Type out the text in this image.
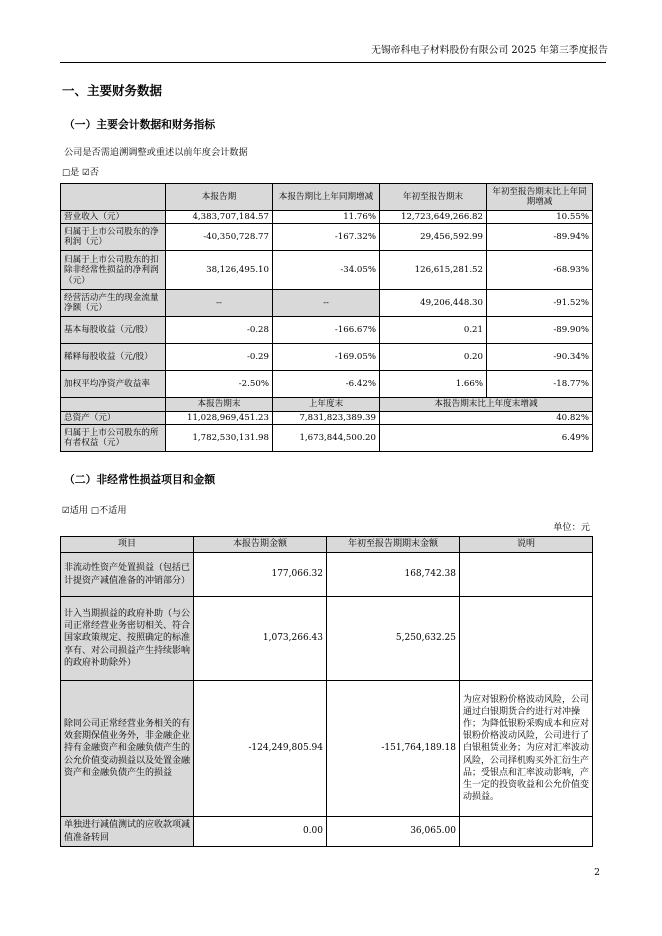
无锡帝科电子材料股份有限公司 2025 年第三季度报告
一、主要财务数据
（一）主要会计数据和财务指标
公司是否需追溯调整或重述以前年度会计数据
□是 ☑否
	本报告期	本报告期比上年同期增减	年初至报告期末	年初至报告期末比上年同期增减
营业收入（元）	4,383,707,184.57	11.76%	12,723,649,266.82	10.55%
归属于上市公司股东的净利润（元）	-40,350,728.77	-167.32%	29,456,592.99	-89.94%
归属于上市公司股东的扣除非经常性损益的净利润（元）	38,126,495.10	-34.05%	126,615,281.52	-68.93%
经营活动产生的现金流量净额（元）	--	--	49,206,448.30	-91.52%
基本每股收益（元/股）	-0.28	-166.67%	0.21	-89.90%
稀释每股收益（元/股）	-0.29	-169.05%	0.20	-90.34%
加权平均净资产收益率	-2.50%	-6.42%	1.66%	-18.77%
	本报告期末	上年度末	本报告期末比上年度末增减	
总资产（元）	11,028,969,451.23	7,831,823,389.39	40.82%	
归属于上市公司股东的所有者权益（元）	1,782,530,131.98	1,673,844,500.20	6.49%	
（二）非经常性损益项目和金额
☑适用 □不适用
单位：元
项目	本报告期金额	年初至报告期期末金额	说明
非流动性资产处置损益（包括已计提资产减值准备的冲销部分）	177,066.32	168,742.38	
计入当期损益的政府补助（与公司正常经营业务密切相关、符合国家政策规定、按照确定的标准享有、对公司损益产生持续影响的政府补助除外）	1,073,266.43	5,250,632.25	
除同公司正常经营业务相关的有效套期保值业务外，非金融企业持有金融资产和金融负债产生的公允价值变动损益以及处置金融资产和金融负债产生的损益	-124,249,805.94	-151,764,189.18	为应对银粉价格波动风险，公司通过白银期货合约进行对冲操作；为降低银粉采购成本和应对银粉价格波动风险，公司进行了白银租赁业务；为应对汇率波动风险，公司择机购买外汇衍生产品；受银点和汇率波动影响，产生一定的投资收益和公允价值变动损益。
单独进行减值测试的应收款项减值准备转回	0.00	36,065.00	
2
